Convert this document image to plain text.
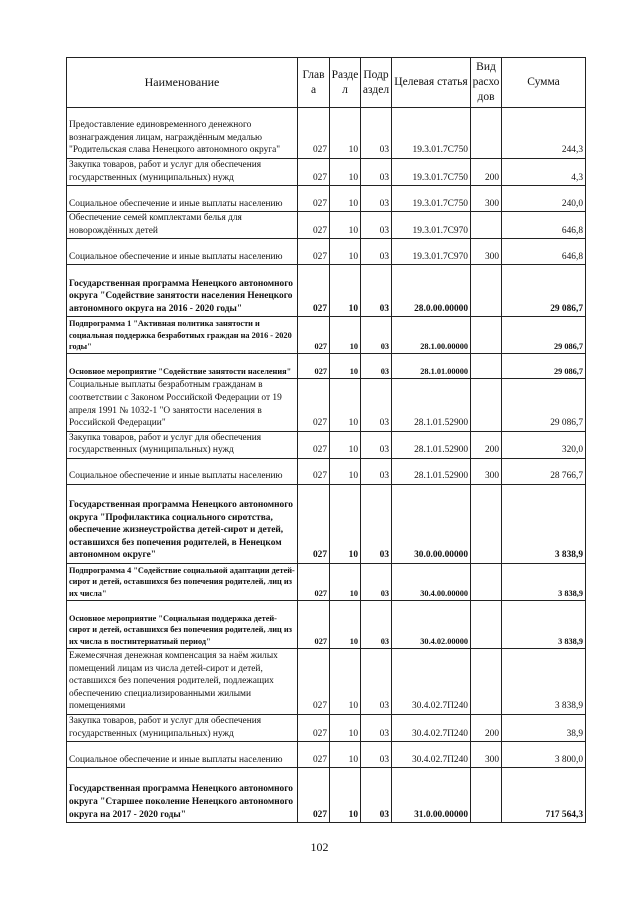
Наименование	Глав а	Разде л	Подр аздел	Целевая статья	Вид расхо дов	Сумма
Предоставление единовременного денежного вознаграждения лицам, награждённым медалью "Родительская слава Ненецкого автономного округа"	027	10	03	19.3.01.7С750		244,3
Закупка товаров, работ и услуг для обеспечения государственных (муниципальных) нужд	027	10	03	19.3.01.7С750	200	4,3
Социальное обеспечение и иные выплаты населению	027	10	03	19.3.01.7С750	300	240,0
Обеспечение семей комплектами белья для новорождённых детей	027	10	03	19.3.01.7С970		646,8
Социальное обеспечение и иные выплаты населению	027	10	03	19.3.01.7С970	300	646,8
Государственная программа Ненецкого автономного округа "Содействие занятости населения Ненецкого автономного округа на 2016 - 2020 годы"	027	10	03	28.0.00.00000		29 086,7
Подпрограмма 1 "Активная политика занятости и социальная поддержка безработных граждан на 2016 - 2020 годы"	027	10	03	28.1.00.00000		29 086,7
Основное мероприятие "Содействие занятости населения"	027	10	03	28.1.01.00000		29 086,7
Социальные выплаты безработным гражданам в соответствии с Законом Российской Федерации от 19 апреля 1991 № 1032-1 "О занятости населения в Российской Федерации"	027	10	03	28.1.01.52900		29 086,7
Закупка товаров, работ и услуг для обеспечения государственных (муниципальных) нужд	027	10	03	28.1.01.52900	200	320,0
Социальное обеспечение и иные выплаты населению	027	10	03	28.1.01.52900	300	28 766,7
Государственная программа Ненецкого автономного округа "Профилактика социального сиротства, обеспечение жизнеустройства детей-сирот и детей, оставшихся без попечения родителей, в Ненецком автономном округе"	027	10	03	30.0.00.00000		3 838,9
Подпрограмма 4 "Содействие социальной адаптации детей-сирот и детей, оставшихся без попечения родителей, лиц из их числа"	027	10	03	30.4.00.00000		3 838,9
Основное мероприятие "Социальная поддержка детей-сирот и детей, оставшихся без попечения родителей, лиц из их числа в постинтернатный период"	027	10	03	30.4.02.00000		3 838,9
Ежемесячная денежная компенсация за наём жилых помещений лицам из числа детей-сирот и детей, оставшихся без попечения родителей, подлежащих обеспечению специализированными жилыми помещениями	027	10	03	30.4.02.7П240		3 838,9
Закупка товаров, работ и услуг для обеспечения государственных (муниципальных) нужд	027	10	03	30.4.02.7П240	200	38,9
Социальное обеспечение и иные выплаты населению	027	10	03	30.4.02.7П240	300	3 800,0
Государственная программа Ненецкого автономного округа "Старшее поколение Ненецкого автономного округа на 2017 - 2020 годы"	027	10	03	31.0.00.00000		717 564,3
102
